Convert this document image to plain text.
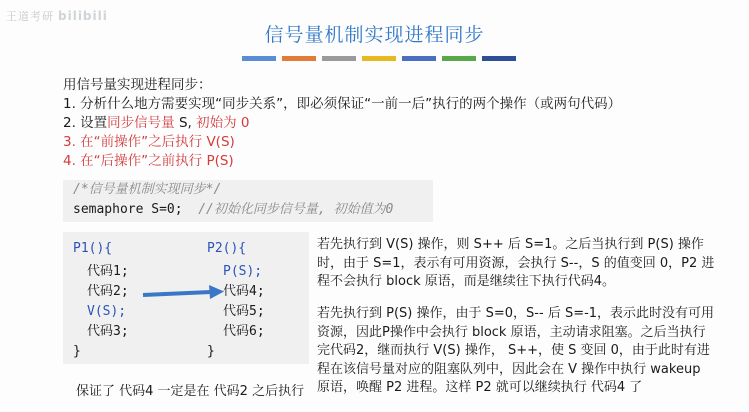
王道考研 bilibili
信号量机制实现进程同步
用信号量实现进程同步：
1. 分析什么地方需要实现“同步关系”，即必须保证“一前一后”执行的两个操作（或两句代码）
2. 设置同步信号量 S, 初始为 0
3. 在“前操作”之后执行 V(S)
4. 在“后操作”之前执行 P(S)
/*信号量机制实现同步*/
semaphore S=0; //初始化同步信号量, 初始值为0
P1(){
代码1;
代码2;
V(S);
代码3;
}
P2(){
P(S);
代码4;
代码5;
代码6;
}
保证了 代码4 一定是在 代码2 之后执行
若先执行到 V(S) 操作，则 S++ 后 S=1。之后当执行到 P(S) 操作时，由于 S=1，表示有可用资源，会执行 S--，S 的值变回 0，P2 进程不会执行 block 原语，而是继续往下执行代码4。
若先执行到 P(S) 操作，由于 S=0，S-- 后 S=-1，表示此时没有可用资源，因此P操作中会执行 block 原语，主动请求阻塞。之后当执行完代码2，继而执行 V(S) 操作， S++，使 S 变回 0，由于此时有进程在该信号量对应的阻塞队列中，因此会在 V 操作中执行 wakeup 原语，唤醒 P2 进程。这样 P2 就可以继续执行 代码4 了
